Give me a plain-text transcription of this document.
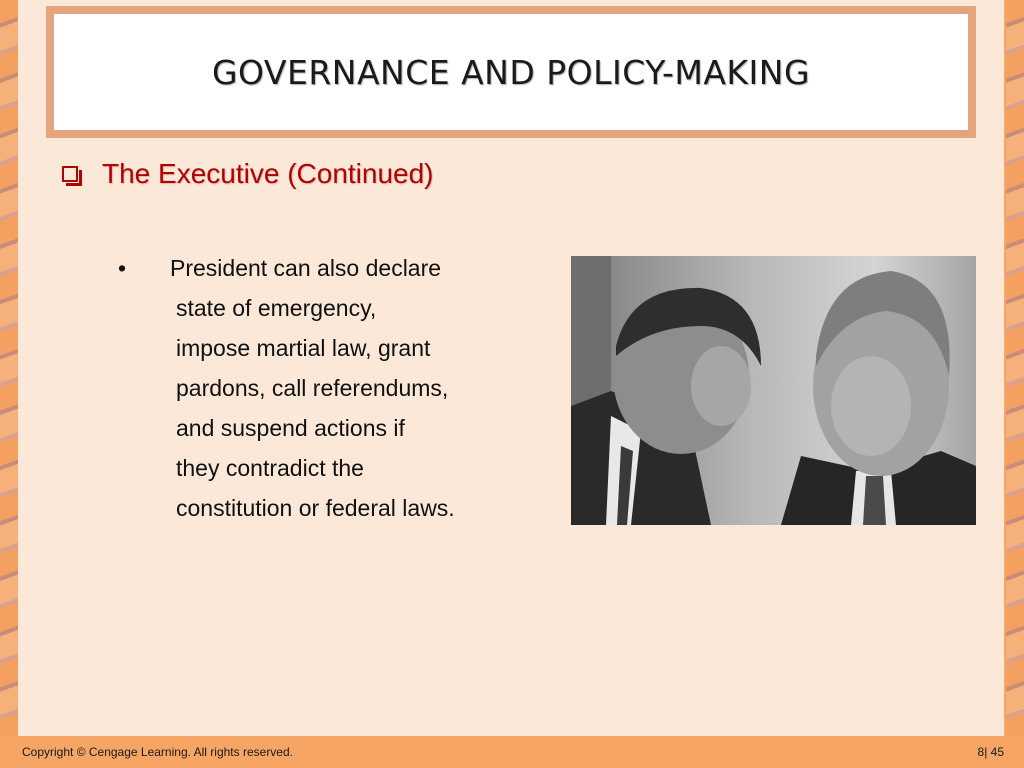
GOVERNANCE AND POLICY-MAKING
The Executive (Continued)
•	President can also declare
state of emergency,
impose martial law, grant
pardons, call referendums,
and suspend actions if
they contradict the
constitution or federal laws.
Copyright © Cengage Learning. All rights reserved.	8| 45
